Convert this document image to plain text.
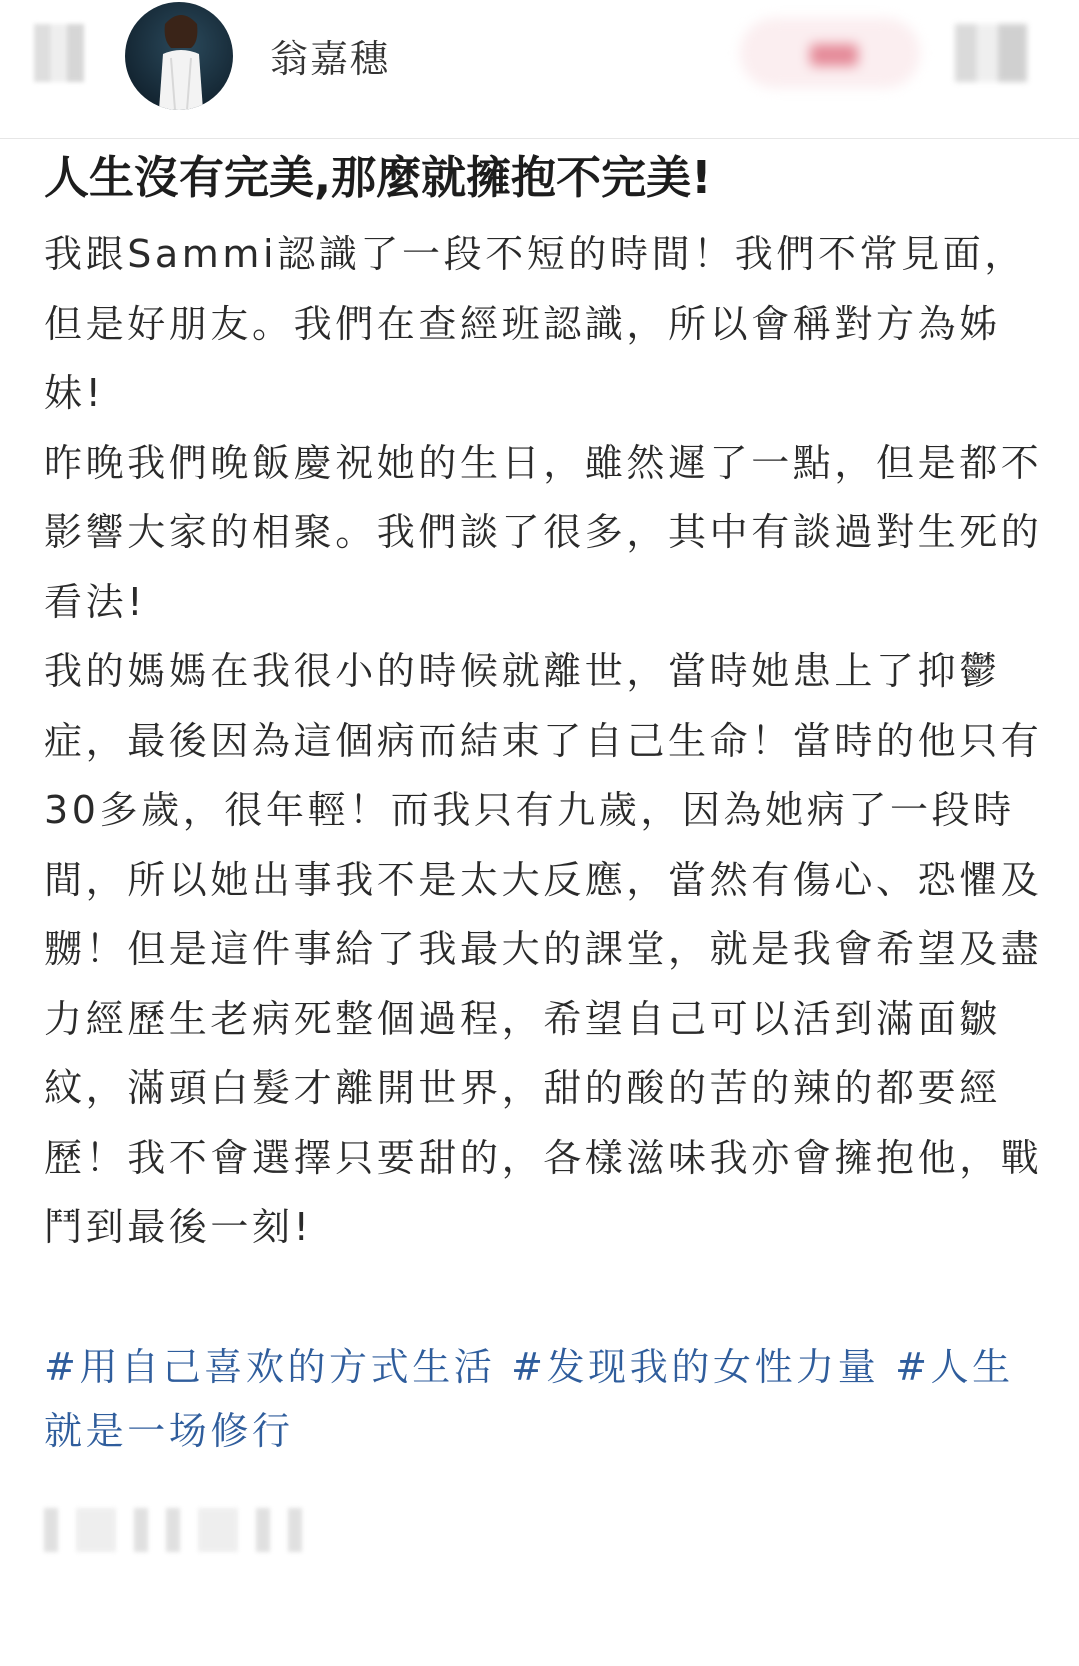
翁嘉穗
人生沒有完美,那麼就擁抱不完美!

我跟Sammi認識了一段不短的時間！我們不常見面，但是好朋友。我們在查經班認識，所以會稱對方為姊妹!

昨晚我們晚飯慶祝她的生日，雖然遲了一點，但是都不影響大家的相聚。我們談了很多，其中有談過對生死的看法!

我的媽媽在我很小的時候就離世，當時她患上了抑鬱症，最後因為這個病而結束了自己生命！當時的他只有30多歲，很年輕！而我只有九歲，因為她病了一段時間，所以她出事我不是太大反應，當然有傷心、恐懼及嬲！但是這件事給了我最大的課堂，就是我會希望及盡力經歷生老病死整個過程，希望自己可以活到滿面皺紋，滿頭白髮才離開世界，甜的酸的苦的辣的都要經歷！我不會選擇只要甜的，各樣滋味我亦會擁抱他，戰鬥到最後一刻!

#用自己喜欢的方式生活 #发现我的女性力量 #人生就是一场修行
